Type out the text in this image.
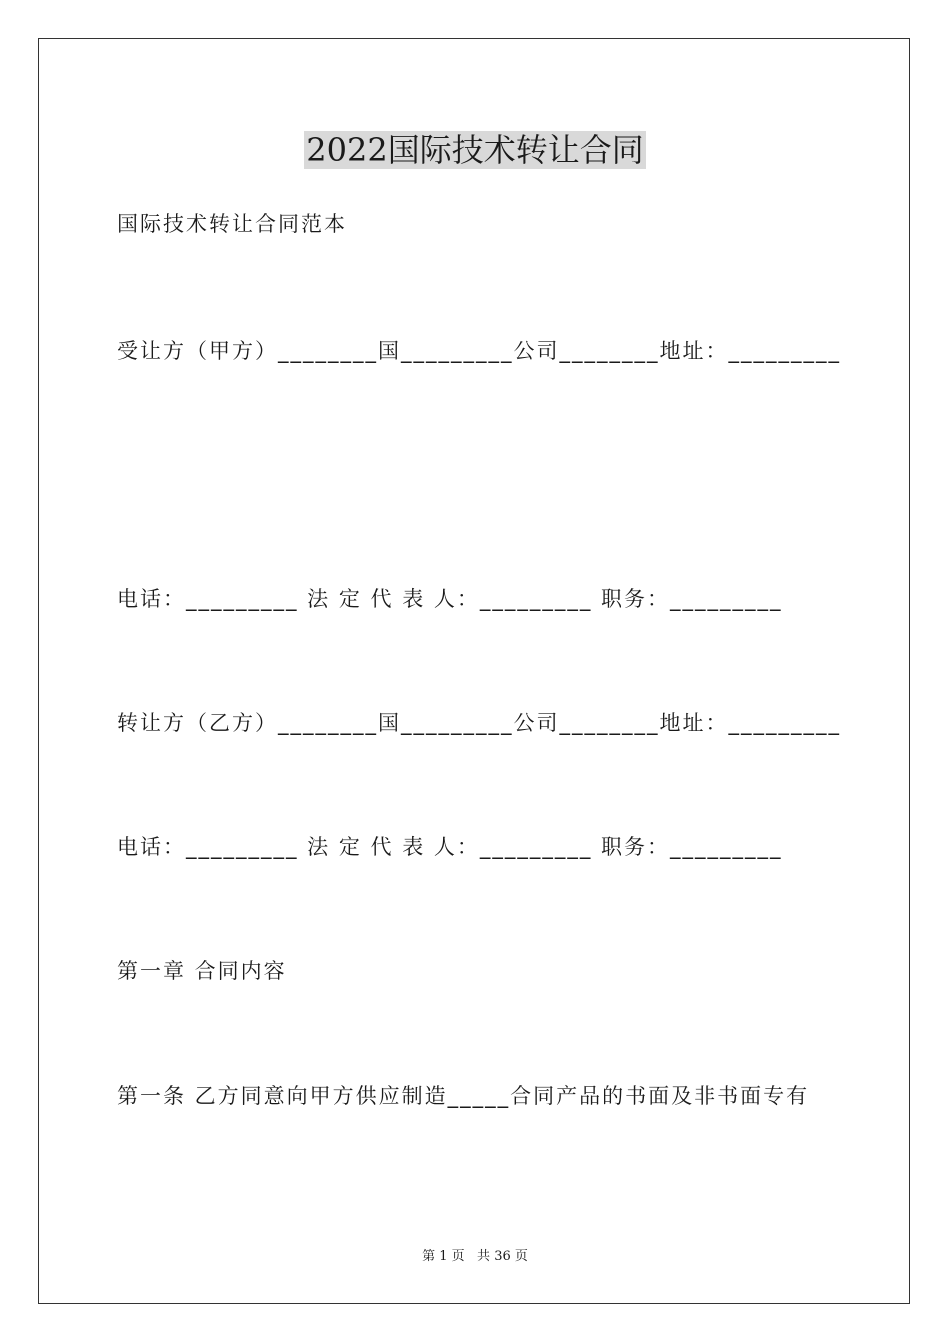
2022国际技术转让合同
国际技术转让合同范本
受让方（甲方）________国_________公司________地址：_________
电话：_________ 法 定 代 表 人：_________ 职务：_________
转让方（乙方）________国_________公司________地址：_________
电话：_________ 法 定 代 表 人：_________ 职务：_________
第一章 合同内容
第一条 乙方同意向甲方供应制造_____合同产品的书面及非书面专有
第 1 页   共 36 页
